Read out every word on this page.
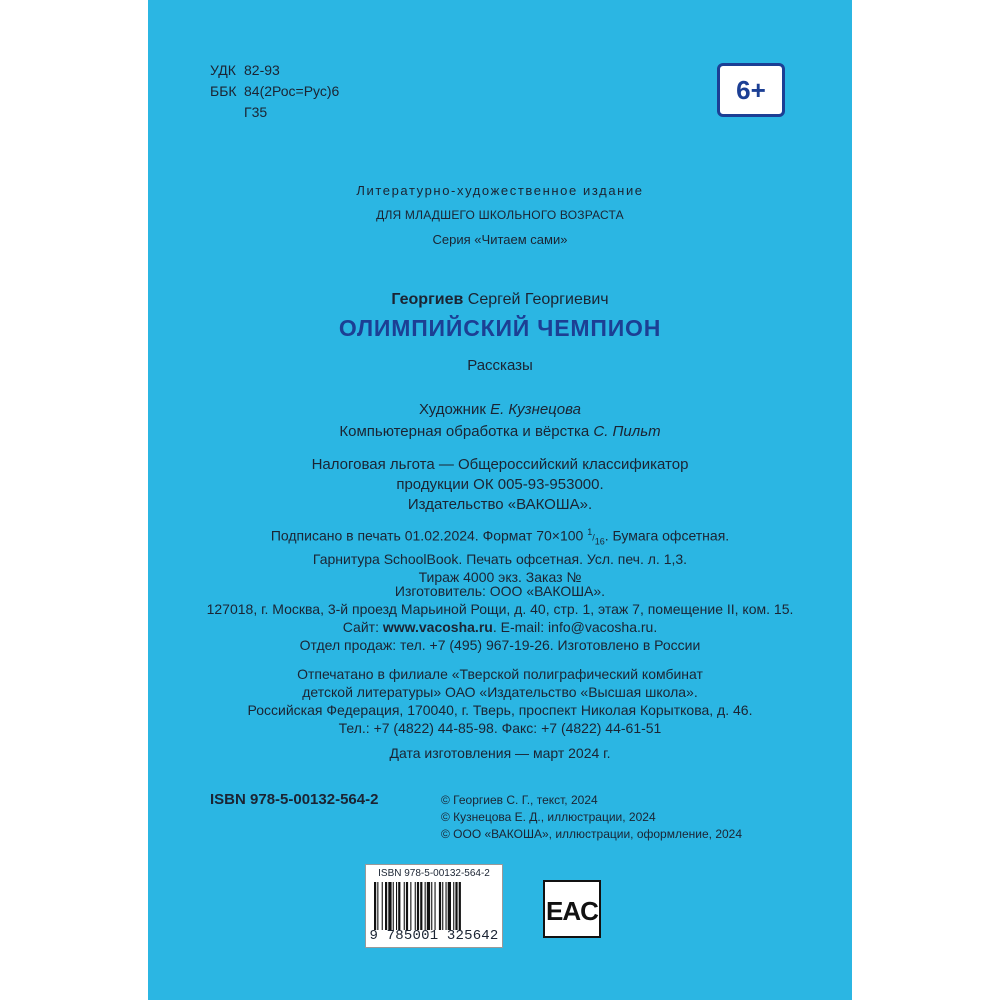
УДК 82-93
ББК 84(2Рос=Рус)6
Г35
6+
Литературно-художественное издание
ДЛЯ МЛАДШЕГО ШКОЛЬНОГО ВОЗРАСТА
Серия «Читаем сами»
Георгиев Сергей Георгиевич
ОЛИМПИЙСКИЙ ЧЕМПИОН
Рассказы
Художник Е. Кузнецова
Компьютерная обработка и вёрстка С. Пильт
Налоговая льгота — Общероссийский классификатор
продукции ОК 005-93-953000.
Издательство «ВАКОША».
Подписано в печать 01.02.2024. Формат 70×100 $^1/_{16}$. Бумага офсетная.
Гарнитура SchoolBook. Печать офсетная. Усл. печ. л. 1,3.
Тираж 4000 экз. Заказ №
Изготовитель: ООО «ВАКОША».
127018, г. Москва, 3-й проезд Марьиной Рощи, д. 40, стр. 1, этаж 7, помещение II, ком. 15.
Сайт: www.vacosha.ru. E-mail: info@vacosha.ru.
Отдел продаж: тел. +7 (495) 967-19-26. Изготовлено в России
Отпечатано в филиале «Тверской полиграфический комбинат
детской литературы» ОАО «Издательство «Высшая школа».
Российская Федерация, 170040, г. Тверь, проспект Николая Корыткова, д. 46.
Тел.: +7 (4822) 44-85-98. Факс: +7 (4822) 44-61-51
Дата изготовления — март 2024 г.
ISBN 978-5-00132-564-2	© Георгиев С. Г., текст, 2024
© Кузнецова Е. Д., иллюстрации, 2024
© ООО «ВАКОША», иллюстрации, оформление, 2024
ISBN 978-5-00132-564-2
9 785001 325642
EAC
